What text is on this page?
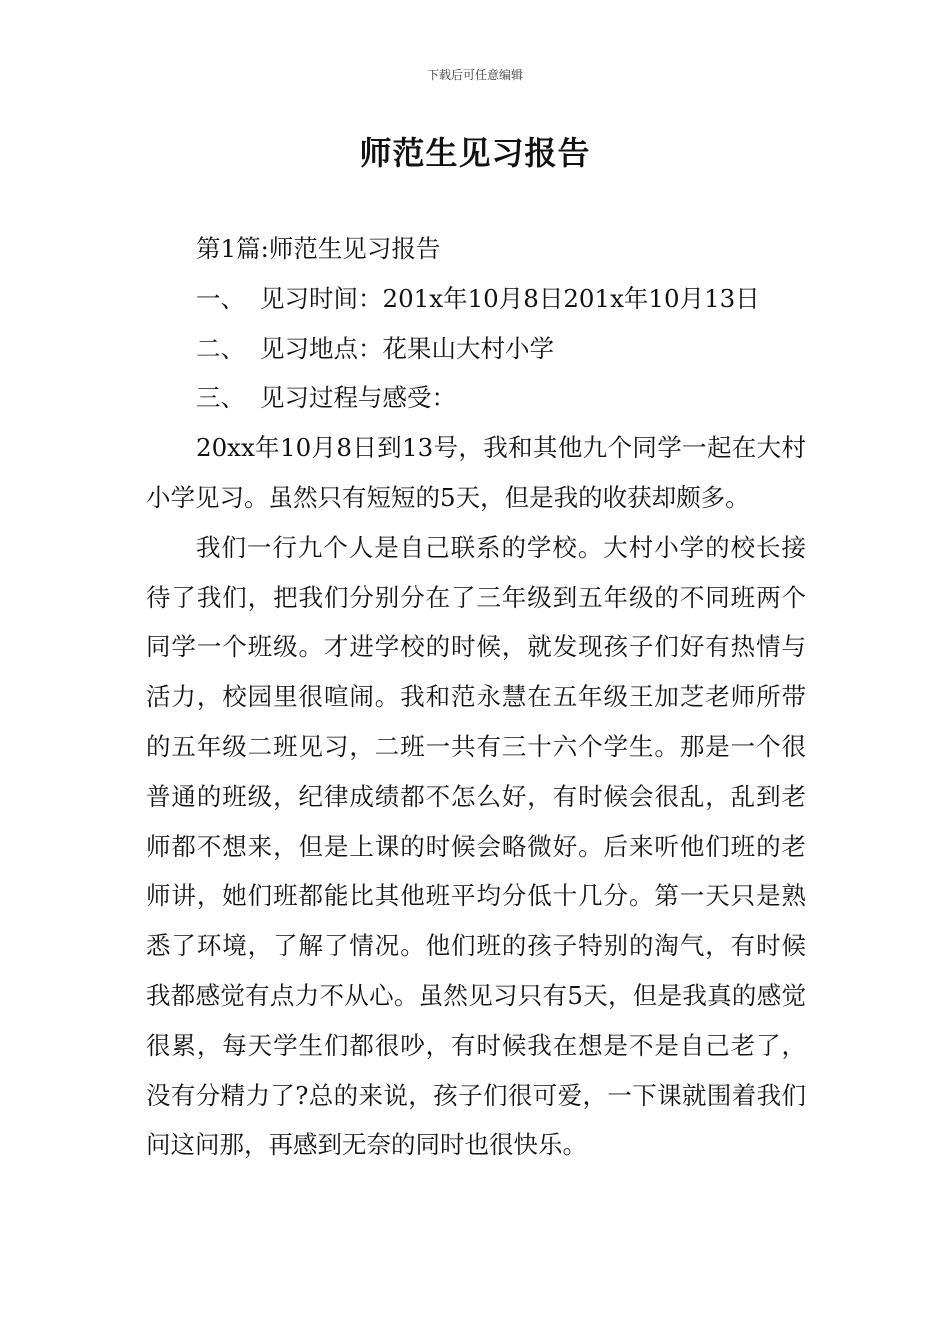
下载后可任意编辑
师范生见习报告

第1篇:师范生见习报告

一、 见习时间：201x年10月8日201x年10月13日

二、 见习地点：花果山大村小学

三、 见习过程与感受：

20xx年10月8日到13号，我和其他九个同学一起在大村小学见习。虽然只有短短的5天，但是我的收获却颇多。

我们一行九个人是自己联系的学校。大村小学的校长接待了我们，把我们分别分在了三年级到五年级的不同班两个同学一个班级。才进学校的时候，就发现孩子们好有热情与活力，校园里很喧闹。我和范永慧在五年级王加芝老师所带的五年级二班见习，二班一共有三十六个学生。那是一个很普通的班级，纪律成绩都不怎么好，有时候会很乱，乱到老师都不想来，但是上课的时候会略微好。后来听他们班的老师讲，她们班都能比其他班平均分低十几分。第一天只是熟悉了环境，了解了情况。他们班的孩子特别的淘气，有时候我都感觉有点力不从心。虽然见习只有5天，但是我真的感觉很累，每天学生们都很吵，有时候我在想是不是自己老了，没有分精力了?总的来说，孩子们很可爱，一下课就围着我们问这问那，再感到无奈的同时也很快乐。
